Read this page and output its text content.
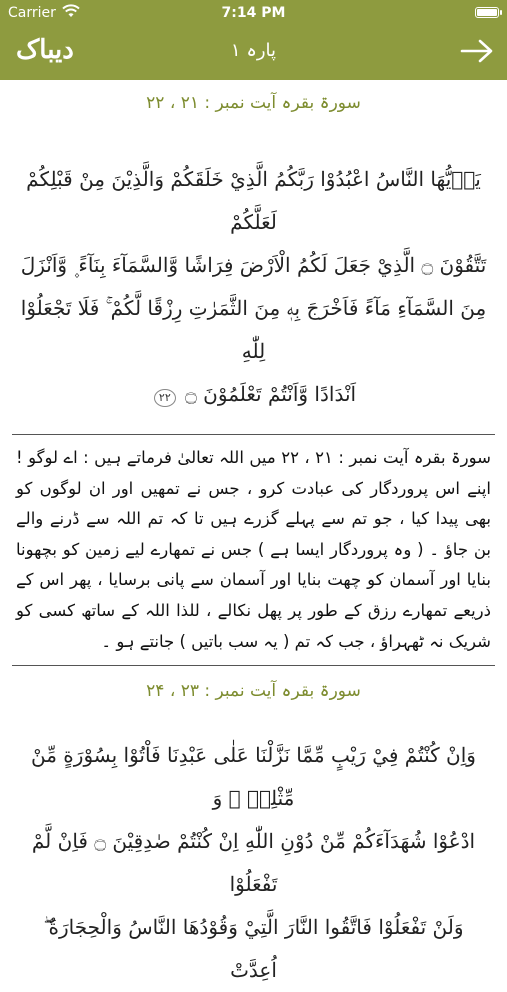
Carrier	7:14 PM
دیباک	پارہ ۱
سورۃ بقرہ آیت نمبر : ۲۱ ، ۲۲
يَاۤيُّهَا النَّاسُ اعْبُدُوْا رَبَّكُمُ الَّذِيْ خَلَقَكُمْ وَالَّذِيْنَ مِنْ قَبْلِكُمْ لَعَلَّكُمْ
تَتَّقُوْنَ ۝ الَّذِيْ جَعَلَ لَكُمُ الْاَرْضَ فِرَاشًا وَّالسَّمَآءَ بِنَآءً ۪ وَّاَنْزَلَ
مِنَ السَّمَآءِ مَآءً فَاَخْرَجَ بِهٖ مِنَ الثَّمَرٰتِ رِزْقًا لَّكُمْ ۚ فَلَا تَجْعَلُوْا لِلّٰهِ
اَنْدَادًا وَّاَنْتُمْ تَعْلَمُوْنَ ۝ ۲۲
سورۃ بقرہ آیت نمبر : ۲۱ ، ۲۲ میں اللہ تعالیٰ فرماتے ہیں : اے لوگو ! اپنے اس پروردگار کی عبادت کرو ، جس نے تمھیں اور ان لوگوں کو بھی پیدا کیا ، جو تم سے پہلے گزرے ہیں تا کہ تم اللہ سے ڈرنے والے بن جاؤ ۔ ( وہ پروردگار ایسا ہے ) جس نے تمھارے لیے زمین کو بچھونا بنایا اور آسمان کو چھت بنایا اور آسمان سے پانی برسایا ، پھر اس کے ذریعے تمھارے رزق کے طور پر پھل نکالے ، للذا اللہ کے ساتھ کسی کو شریک نہ ٹھہراؤ ، جب کہ تم ( یہ سب باتیں ) جانتے ہو ۔
سورۃ بقرہ آیت نمبر : ۲۳ ، ۲۴
وَاِنْ كُنْتُمْ فِيْ رَيْبٍ مِّمَّا نَزَّلْنَا عَلٰى عَبْدِنَا فَاْتُوْا بِسُوْرَةٍ مِّنْ مِّثْلِهٖ ۠ وَ
ادْعُوْا شُهَدَآءَكُمْ مِّنْ دُوْنِ اللّٰهِ اِنْ كُنْتُمْ صٰدِقِيْنَ ۝ فَاِنْ لَّمْ تَفْعَلُوْا
وَلَنْ تَفْعَلُوْا فَاتَّقُوا النَّارَ الَّتِيْ وَقُوْدُهَا النَّاسُ وَالْحِجَارَةُ ۖ اُعِدَّتْ
